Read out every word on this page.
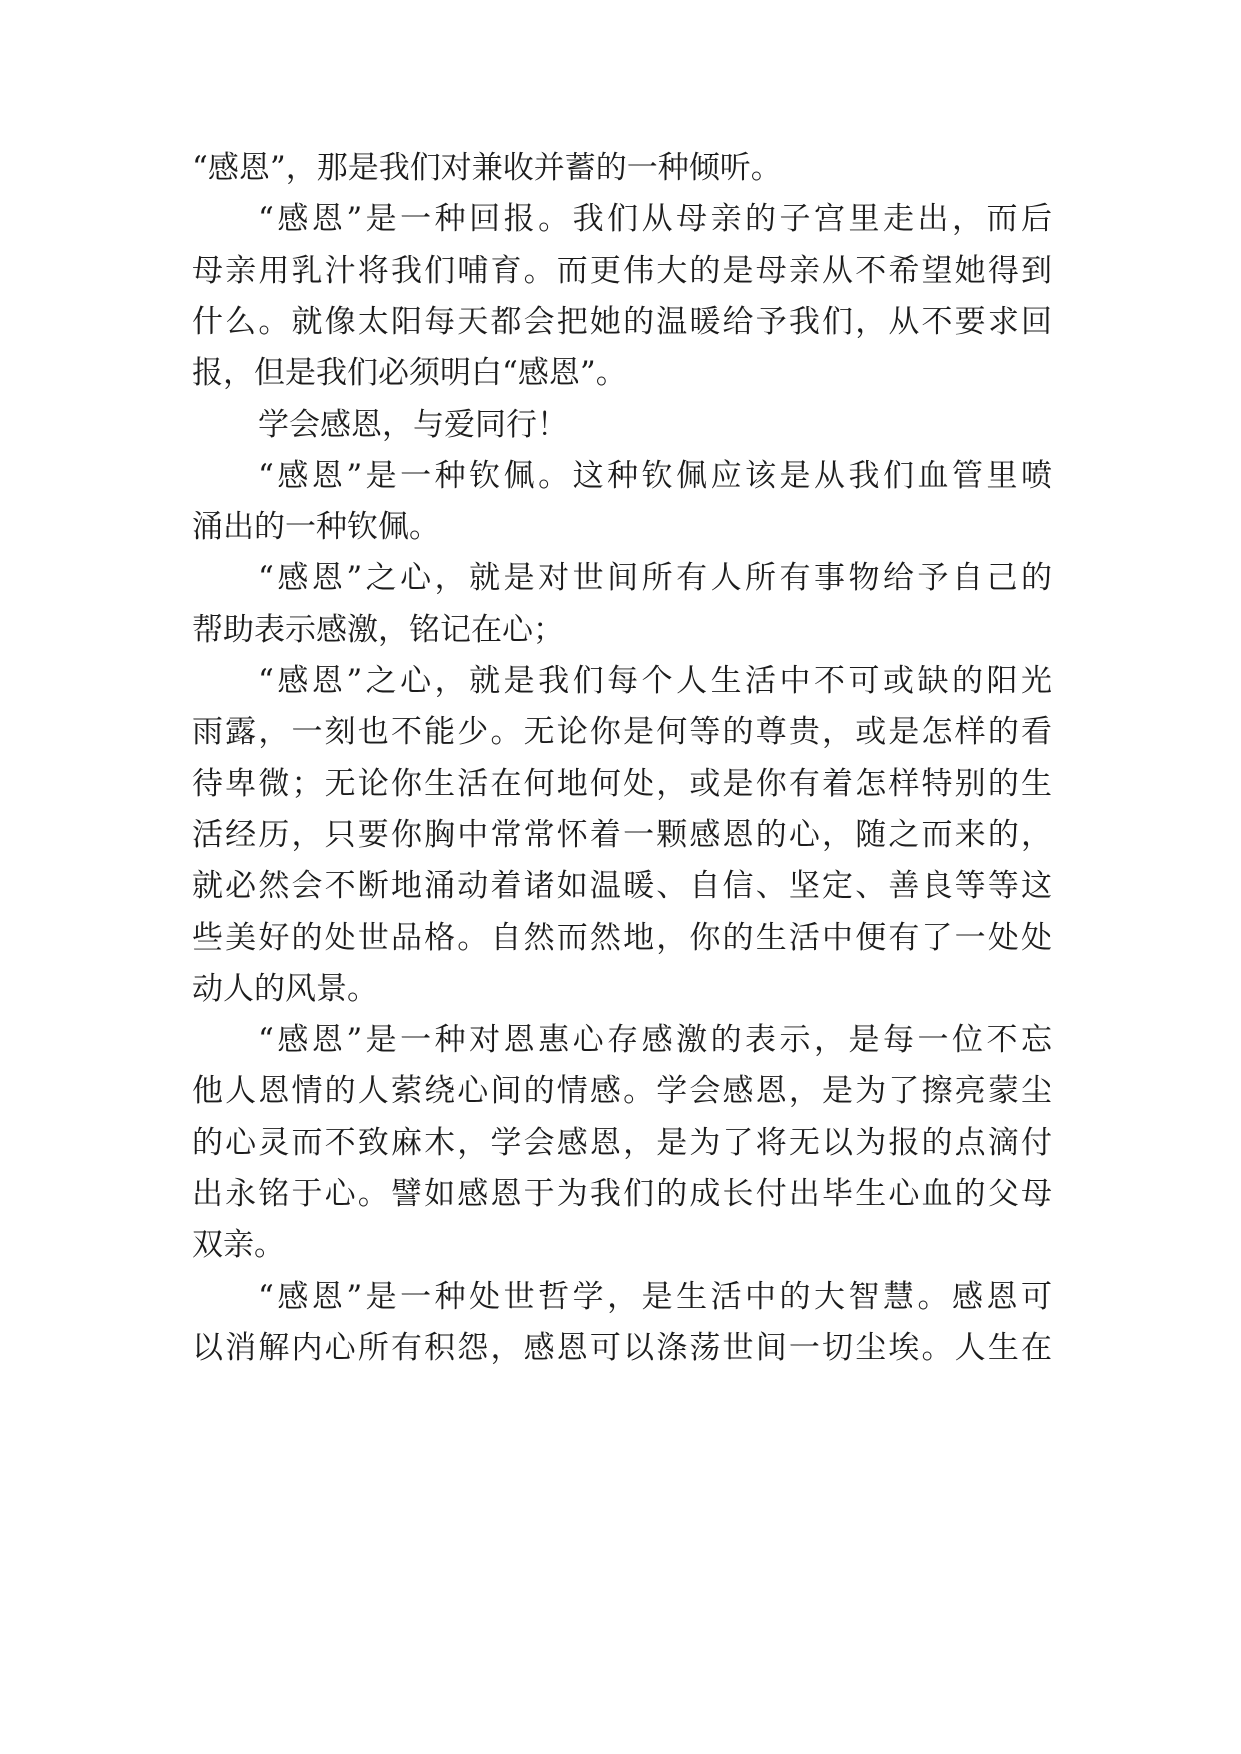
“感恩”，那是我们对兼收并蓄的一种倾听。
“感恩”是一种回报。我们从母亲的子宫里走出，而后
母亲用乳汁将我们哺育。而更伟大的是母亲从不希望她得到
什么。就像太阳每天都会把她的温暖给予我们，从不要求回
报，但是我们必须明白“感恩”。
学会感恩，与爱同行！
“感恩”是一种钦佩。这种钦佩应该是从我们血管里喷
涌出的一种钦佩。
“感恩”之心，就是对世间所有人所有事物给予自己的
帮助表示感激，铭记在心；
“感恩”之心，就是我们每个人生活中不可或缺的阳光
雨露，一刻也不能少。无论你是何等的尊贵，或是怎样的看
待卑微；无论你生活在何地何处，或是你有着怎样特别的生
活经历，只要你胸中常常怀着一颗感恩的心，随之而来的，
就必然会不断地涌动着诸如温暖、自信、坚定、善良等等这
些美好的处世品格。自然而然地，你的生活中便有了一处处
动人的风景。
“感恩”是一种对恩惠心存感激的表示，是每一位不忘
他人恩情的人萦绕心间的情感。学会感恩，是为了擦亮蒙尘
的心灵而不致麻木，学会感恩，是为了将无以为报的点滴付
出永铭于心。譬如感恩于为我们的成长付出毕生心血的父母
双亲。
“感恩”是一种处世哲学，是生活中的大智慧。感恩可
以消解内心所有积怨，感恩可以涤荡世间一切尘埃。人生在
